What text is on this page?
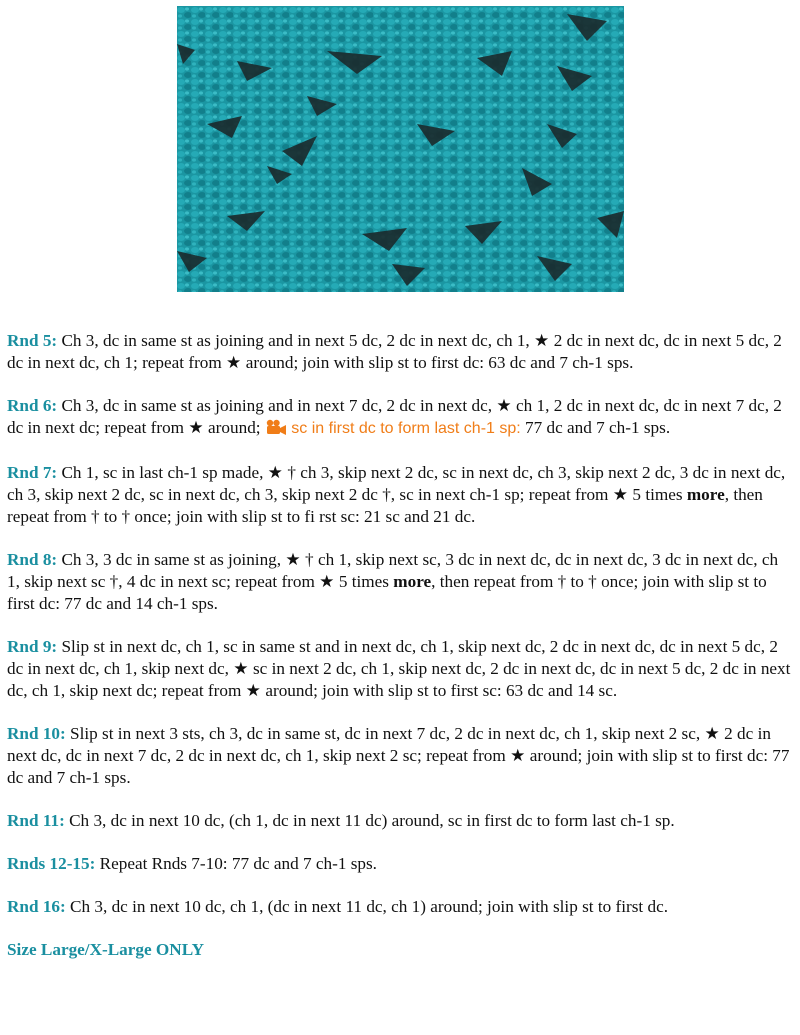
Rnd 5: Ch 3, dc in same st as joining and in next 5 dc, 2 dc in next dc, ch 1, ★ 2 dc in next dc, dc in next 5 dc, 2 dc in next dc, ch 1; repeat from ★ around; join with slip st to first dc: 63 dc and 7 ch-1 sps.

Rnd 6: Ch 3, dc in same st as joining and in next 7 dc, 2 dc in next dc, ★ ch 1, 2 dc in next dc, dc in next 7 dc, 2 dc in next dc; repeat from ★ around;  sc in first dc to form last ch-1 sp: 77 dc and 7 ch-1 sps.

Rnd 7: Ch 1, sc in last ch-1 sp made, ★ † ch 3, skip next 2 dc, sc in next dc, ch 3, skip next 2 dc, 3 dc in next dc, ch 3, skip next 2 dc, sc in next dc, ch 3, skip next 2 dc †, sc in next ch-1 sp; repeat from ★ 5 times more, then repeat from † to † once; join with slip st to fi rst sc: 21 sc and 21 dc.

Rnd 8: Ch 3, 3 dc in same st as joining, ★ † ch 1, skip next sc, 3 dc in next dc, dc in next dc, 3 dc in next dc, ch 1, skip next sc †, 4 dc in next sc; repeat from ★ 5 times more, then repeat from † to † once; join with slip st to first dc: 77 dc and 14 ch-1 sps.

Rnd 9: Slip st in next dc, ch 1, sc in same st and in next dc, ch 1, skip next dc, 2 dc in next dc, dc in next 5 dc, 2 dc in next dc, ch 1, skip next dc, ★ sc in next 2 dc, ch 1, skip next dc, 2 dc in next dc, dc in next 5 dc, 2 dc in next dc, ch 1, skip next dc; repeat from ★ around; join with slip st to first sc: 63 dc and 14 sc.

Rnd 10: Slip st in next 3 sts, ch 3, dc in same st, dc in next 7 dc, 2 dc in next dc, ch 1, skip next 2 sc, ★ 2 dc in next dc, dc in next 7 dc, 2 dc in next dc, ch 1, skip next 2 sc; repeat from ★ around; join with slip st to first dc: 77 dc and 7 ch-1 sps.

Rnd 11: Ch 3, dc in next 10 dc, (ch 1, dc in next 11 dc) around, sc in first dc to form last ch-1 sp.

Rnds 12-15: Repeat Rnds 7-10: 77 dc and 7 ch-1 sps.

Rnd 16: Ch 3, dc in next 10 dc, ch 1, (dc in next 11 dc, ch 1) around; join with slip st to first dc.

Size Large/X-Large ONLY
